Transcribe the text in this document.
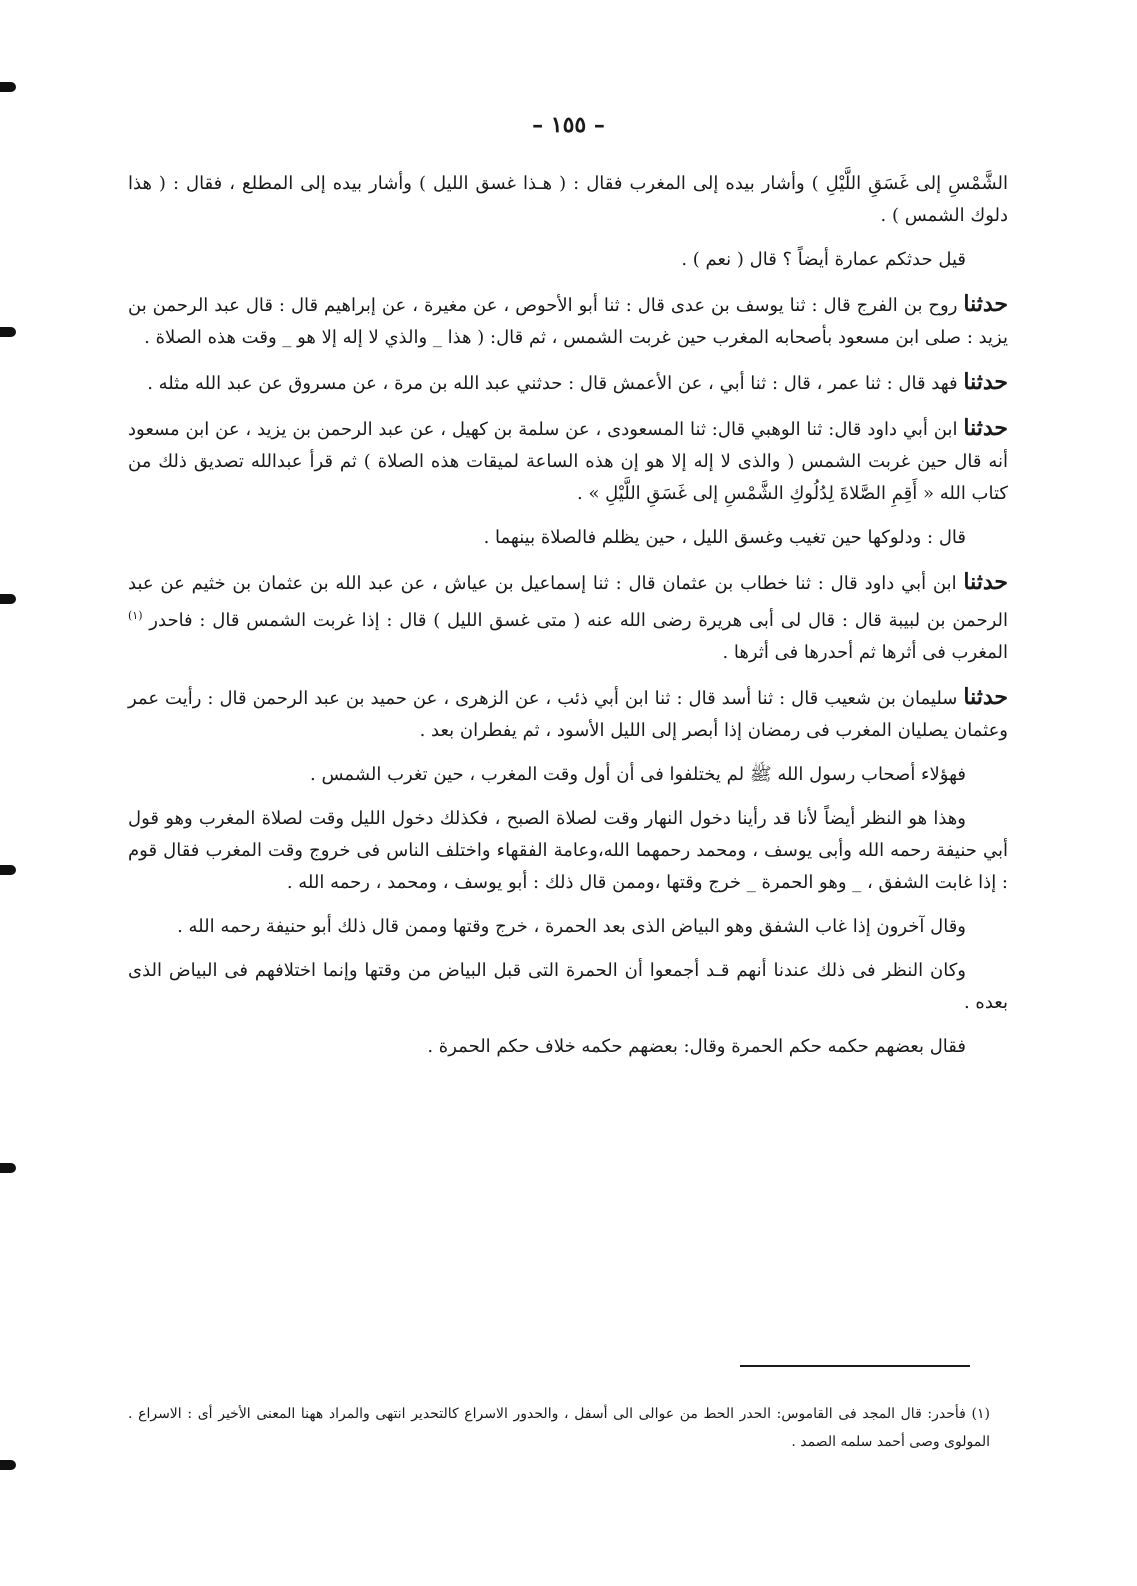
– ١٥٥ –

الشَّمْسِ إلى غَسَقِ اللَّيْلِ ) وأشار بيده إلى المغرب فقال : ( هـذا غسق الليل ) وأشار بيده إلى المطلع ، فقال : ( هذا دلوك الشمس ) .

قيل حدثكم عمارة أيضاً ؟ قال ( نعم ) .

حدثنا روح بن الفرج قال : ثنا يوسف بن عدى قال : ثنا أبو الأحوص ، عن مغيرة ، عن إبراهيم قال : قال عبد الرحمن بن يزيد : صلى ابن مسعود بأصحابه المغرب حين غربت الشمس ، ثم قال: ( هذا _ والذي لا إله إلا هو _ وقت هذه الصلاة .

حدثنا فهد قال : ثنا عمر ، قال : ثنا أبي ، عن الأعمش قال : حدثني عبد الله بن مرة ، عن مسروق عن عبد الله مثله .

حدثنا ابن أبي داود قال: ثنا الوهبي قال: ثنا المسعودى ، عن سلمة بن كهيل ، عن عبد الرحمن بن يزيد ، عن ابن مسعود أنه قال حين غربت الشمس ( والذى لا إله إلا هو إن هذه الساعة لميقات هذه الصلاة ) ثم قرأ عبدالله تصديق ذلك من كتاب الله « أَقِمِ الصَّلاةَ لِدُلُوكِ الشَّمْسِ إلى غَسَقِ اللَّيْلِ » .

قال : ودلوكها حين تغيب وغسق الليل ، حين يظلم فالصلاة بينهما .

حدثنا ابن أبي داود قال : ثنا خطاب بن عثمان قال : ثنا إسماعيل بن عياش ، عن عبد الله بن عثمان بن خثيم عن عبد الرحمن بن لبيبة قال : قال لى أبى هريرة رضى الله عنه ( متى غسق الليل ) قال : إذا غربت الشمس قال : فاحدر $^{(١)}$ المغرب فى أثرها ثم أحدرها فى أثرها .

حدثنا سليمان بن شعيب قال : ثنا أسد قال : ثنا ابن أبي ذئب ، عن الزهرى ، عن حميد بن عبد الرحمن قال : رأيت عمر وعثمان يصليان المغرب فى رمضان إذا أبصر إلى الليل الأسود ، ثم يفطران بعد .

فهؤلاء أصحاب رسول الله ﷺ لم يختلفوا فى أن أول وقت المغرب ، حين تغرب الشمس .

وهذا هو النظر أيضاً لأنا قد رأينا دخول النهار وقت لصلاة الصبح ، فكذلك دخول الليل وقت لصلاة المغرب وهو قول أبي حنيفة رحمه الله وأبى يوسف ، ومحمد رحمهما الله،وعامة الفقهاء واختلف الناس فى خروج وقت المغرب فقال قوم : إذا غابت الشفق ، _ وهو الحمرة _ خرج وقتها ،وممن قال ذلك : أبو يوسف ، ومحمد ، رحمه الله .

وقال آخرون إذا غاب الشفق وهو البياض الذى بعد الحمرة ، خرج وقتها وممن قال ذلك أبو حنيفة رحمه الله .

وكان النظر فى ذلك عندنا أنهم قـد أجمعوا أن الحمرة التى قبل البياض من وقتها وإنما اختلافهم فى البياض الذى بعده .

فقال بعضهم حكمه حكم الحمرة وقال: بعضهم حكمه خلاف حكم الحمرة .

(١) فأحدر: قال المجد فى القاموس: الحدر الحط من عوالى الى أسفل ، والحدور الاسراع كالتحدير انتهى والمراد ههنا المعنى الأخير أى : الاسراع . المولوى وصى أحمد سلمه الصمد .
